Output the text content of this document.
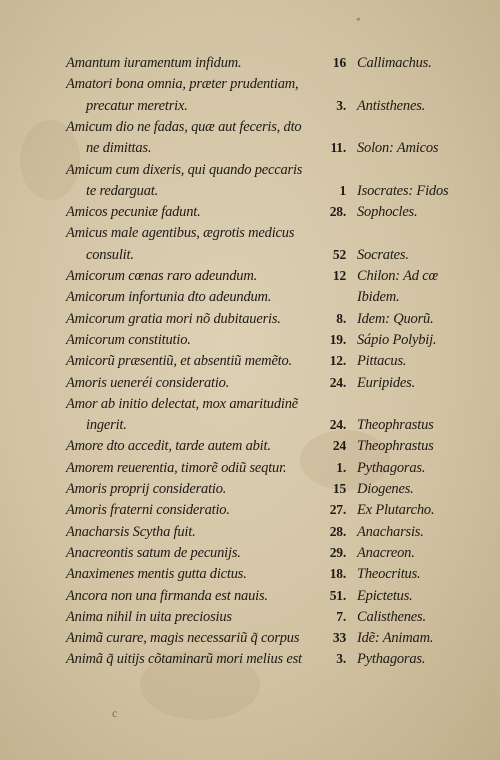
*
Amantum iuramentum infidum.	16 Callimachus.
Amatori bona omnia, præter prudentiam,
precatur meretrix.	3. Antisthenes.
Amicum dio ne fadas, quæ aut feceris, dto
ne dimittas.	11. Solon: Amicos
Amicum cum dixeris, qui quando peccaris
te redarguat.	1 Isocrates: Fidos
Amicos pecuniæ fadunt.	28. Sophocles.
Amicus male agentibus, ægrotis medicus
consulit.	52 Socrates.
Amicorum cœnas raro adeundum.	12 Chilon: Ad cœ
Amicorum infortunia dto adeundum.	Ibidem.
Amicorum gratia mori nõ dubitaueris.	8. Idem: Quorũ.
Amicorum constitutio.	19. Sápio Polybij.
Amicorũ præsentiũ, et absentiũ memẽto.	12. Pittacus.
Amoris ueneréi consideratio.	24. Euripides.
Amor ab initio delectat, mox amaritudinẽ
ingerit.	24. Theophrastus
Amore dto accedit, tarde autem abit.	24 Theophrastus
Amorem reuerentia, timorẽ odiũ seqtur.	1. Pythagoras.
Amoris proprij consideratio.	15 Diogenes.
Amoris fraterni consideratio.	27. Ex Plutarcho.
Anacharsis Scytha fuit.	28. Anacharsis.
Anacreontis satum de pecunijs.	29. Anacreon.
Anaximenes mentis gutta dictus.	18. Theocritus.
Ancora non una firmanda est nauis.	51. Epictetus.
Anima nihil in uita preciosius	7. Calisthenes.
Animã curare, magis necessariũ q̃ corpus	33 Idẽ: Animam.
Animã q̃ uitijs cõtaminarũ mori melius est	3. Pythagoras.
c
